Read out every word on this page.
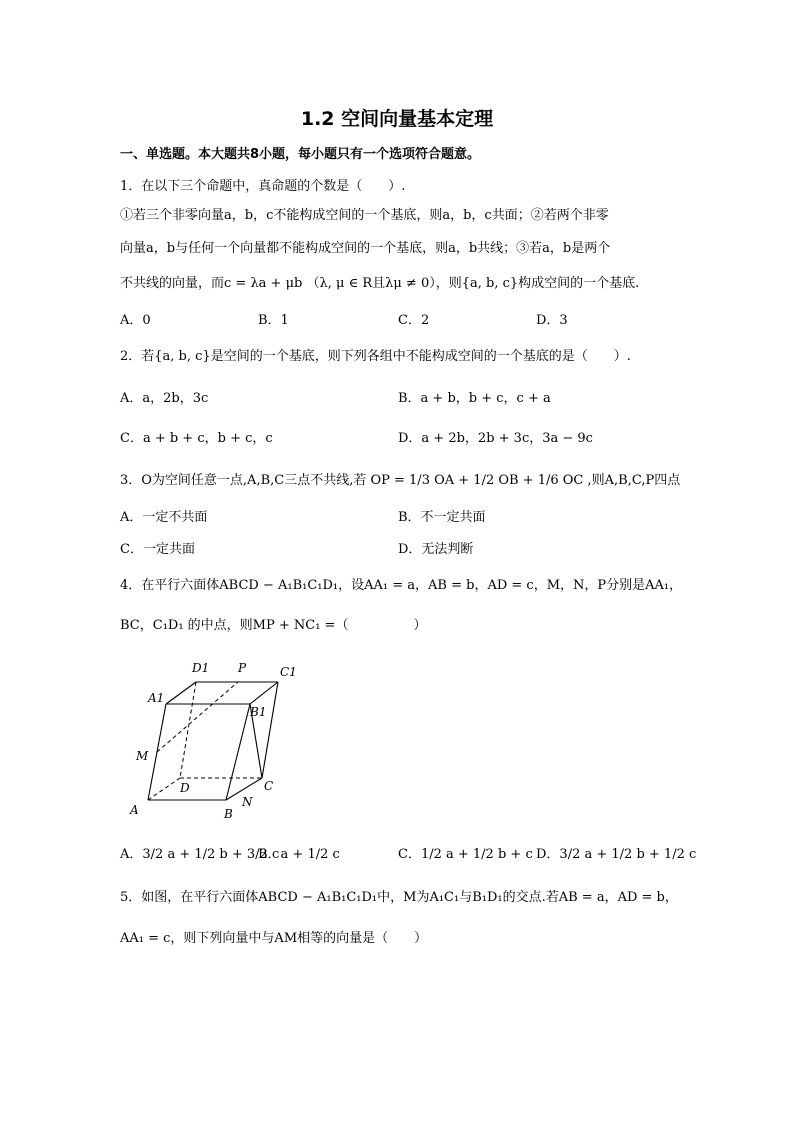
1.2 空间向量基本定理
一、单选题。本大题共8小题，每小题只有一个选项符合题意。
1．在以下三个命题中，真命题的个数是（　　）.
①若三个非零向量a，b，c不能构成空间的一个基底，则a，b，c共面；②若两个非零
向量a，b与任何一个向量都不能构成空间的一个基底，则a，b共线；③若a，b是两个
不共线的向量，而c = λa + μb （λ, μ ∈ R且λμ ≠ 0），则{a, b, c}构成空间的一个基底.
A．0	B．1	C．2	D．3
2．若{a, b, c}是空间的一个基底，则下列各组中不能构成空间的一个基底的是（　　）.
A．a，2b，3c	B．a + b，b + c，c + a
C．a + b + c，b + c，c	D．a + 2b，2b + 3c，3a − 9c
3．O为空间任意一点,A,B,C三点不共线,若 OP = 1/3 OA + 1/2 OB + 1/6 OC ,则A,B,C,P四点
A．一定不共面	B．不一定共面
C．一定共面	D．无法判断
4．在平行六面体ABCD − A₁B₁C₁D₁，设AA₁ = a，AB = b，AD = c，M，N，P分别是AA₁，
BC，C₁D₁ 的中点，则MP + NC₁ =（　　　　　）
D1 P	C1
A1
B1
M
D	C
A
N
B
A．3/2 a + 1/2 b + 3/2 c
B．a + 1/2 c	C．1/2 a + 1/2 b + c D．3/2 a + 1/2 b + 1/2 c
5．如图，在平行六面体ABCD − A₁B₁C₁D₁中，M为A₁C₁与B₁D₁的交点.若AB = a，AD = b，
AA₁ = c，则下列向量中与AM相等的向量是（　　）
